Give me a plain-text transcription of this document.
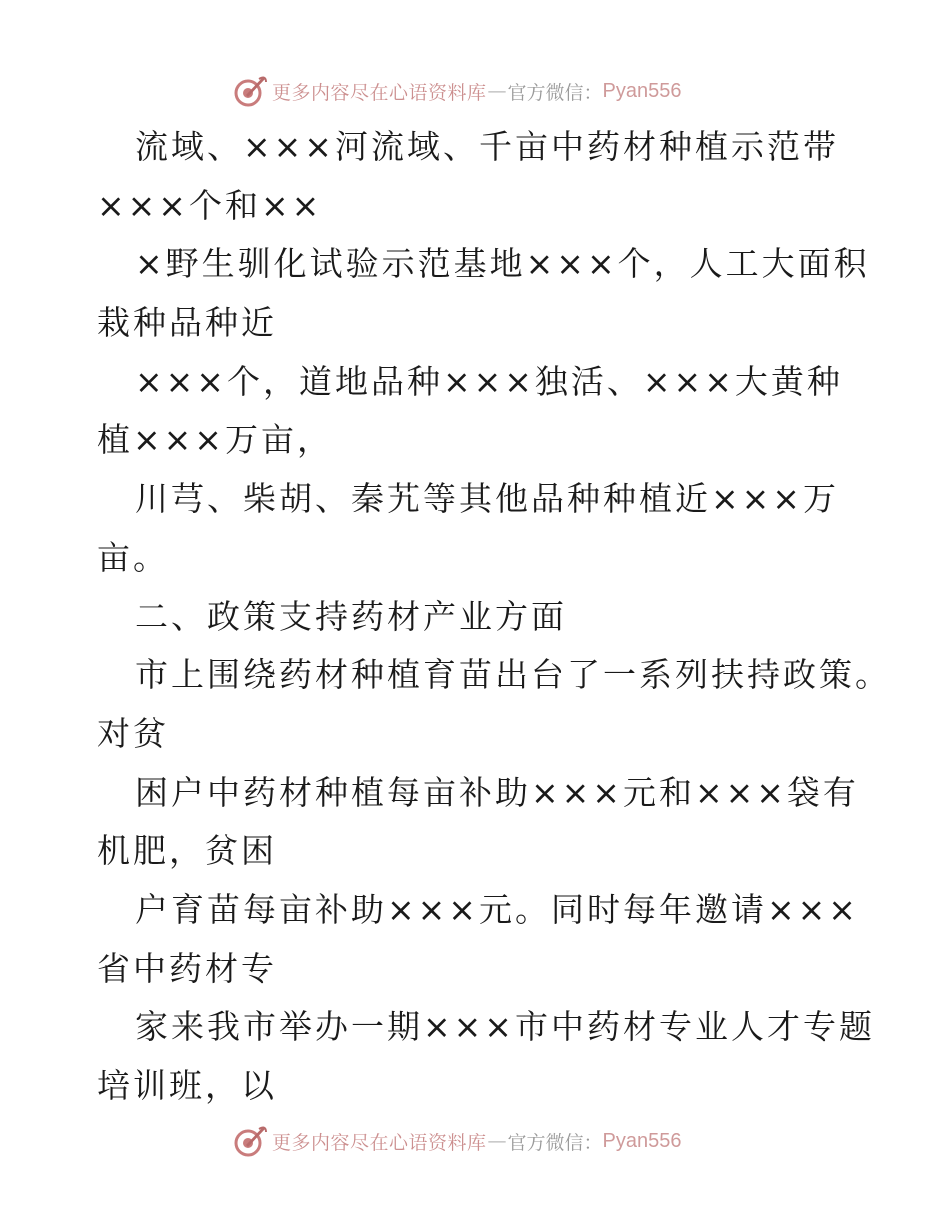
更多内容尽在心语资料库 — 官方微信： Pyan556
流域、×××河流域、千亩中药材种植示范带
×××个和××
×野生驯化试验示范基地×××个，人工大面积
栽种品种近
×××个，道地品种×××独活、×××大黄种
植×××万亩，
川芎、柴胡、秦艽等其他品种种植近×××万
亩。
二、政策支持药材产业方面
市上围绕药材种植育苗出台了一系列扶持政策。
对贫
困户中药材种植每亩补助×××元和×××袋有
机肥，贫困
户育苗每亩补助×××元。同时每年邀请×××
省中药材专
家来我市举办一期×××市中药材专业人才专题
培训班，以
更多内容尽在心语资料库 — 官方微信： Pyan556
